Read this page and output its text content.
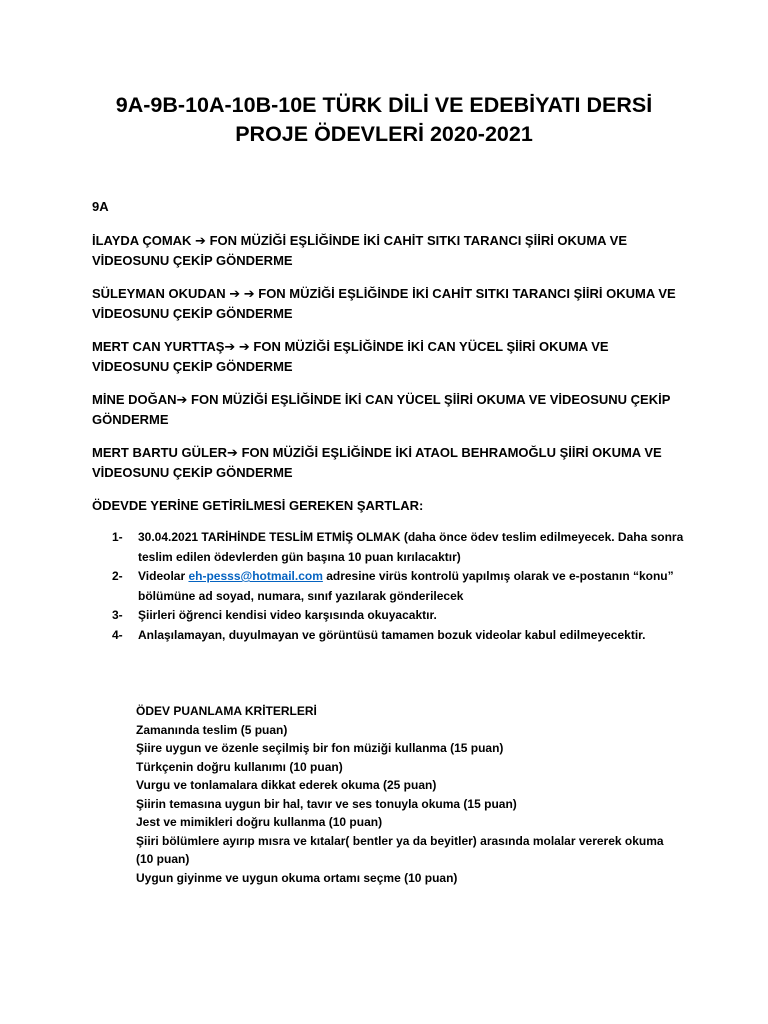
9A-9B-10A-10B-10E TÜRK DİLİ VE EDEBİYATI DERSİ
PROJE ÖDEVLERİ 2020-2021
9A
İLAYDA ÇOMAK ➔ FON MÜZİĞİ EŞLİĞİNDE İKİ CAHİT SITKI TARANCI ŞİİRİ OKUMA VE VİDEOSUNU ÇEKİP GÖNDERME
SÜLEYMAN OKUDAN ➔ ➔ FON MÜZİĞİ EŞLİĞİNDE İKİ CAHİT SITKI TARANCI ŞİİRİ OKUMA VE VİDEOSUNU ÇEKİP GÖNDERME
MERT CAN YURTTAŞ➔ ➔ FON MÜZİĞİ EŞLİĞİNDE İKİ CAN YÜCEL ŞİİRİ OKUMA VE VİDEOSUNU ÇEKİP GÖNDERME
MİNE DOĞAN➔ FON MÜZİĞİ EŞLİĞİNDE İKİ CAN YÜCEL ŞİİRİ OKUMA VE VİDEOSUNU ÇEKİP GÖNDERME
MERT BARTU GÜLER➔ FON MÜZİĞİ EŞLİĞİNDE İKİ ATAOL BEHRAMOĞLU ŞİİRİ OKUMA VE VİDEOSUNU ÇEKİP GÖNDERME
ÖDEVDE YERİNE GETİRİLMESİ GEREKEN ŞARTLAR:
1-	30.04.2021 TARİHİNDE TESLİM ETMİŞ OLMAK (daha önce ödev teslim edilmeyecek. Daha sonra teslim edilen ödevlerden gün başına 10 puan kırılacaktır)
2-	Videolar eh-pesss@hotmail.com adresine virüs kontrolü yapılmış olarak ve e-postanın “konu” bölümüne ad soyad, numara, sınıf yazılarak gönderilecek
3-	Şiirleri öğrenci kendisi video karşısında okuyacaktır.
4-	Anlaşılamayan, duyulmayan ve görüntüsü tamamen bozuk videolar kabul edilmeyecektir.
ÖDEV PUANLAMA KRİTERLERİ
Zamanında teslim (5 puan)
Şiire uygun ve özenle seçilmiş bir fon müziği kullanma (15 puan)
Türkçenin doğru kullanımı (10 puan)
Vurgu ve tonlamalara dikkat ederek okuma (25 puan)
Şiirin temasına uygun bir hal, tavır ve ses tonuyla okuma (15 puan)
Jest ve mimikleri doğru kullanma (10 puan)
Şiiri bölümlere ayırıp mısra ve kıtalar( bentler ya da beyitler) arasında molalar vererek okuma (10 puan)
Uygun giyinme ve uygun okuma ortamı seçme (10 puan)
